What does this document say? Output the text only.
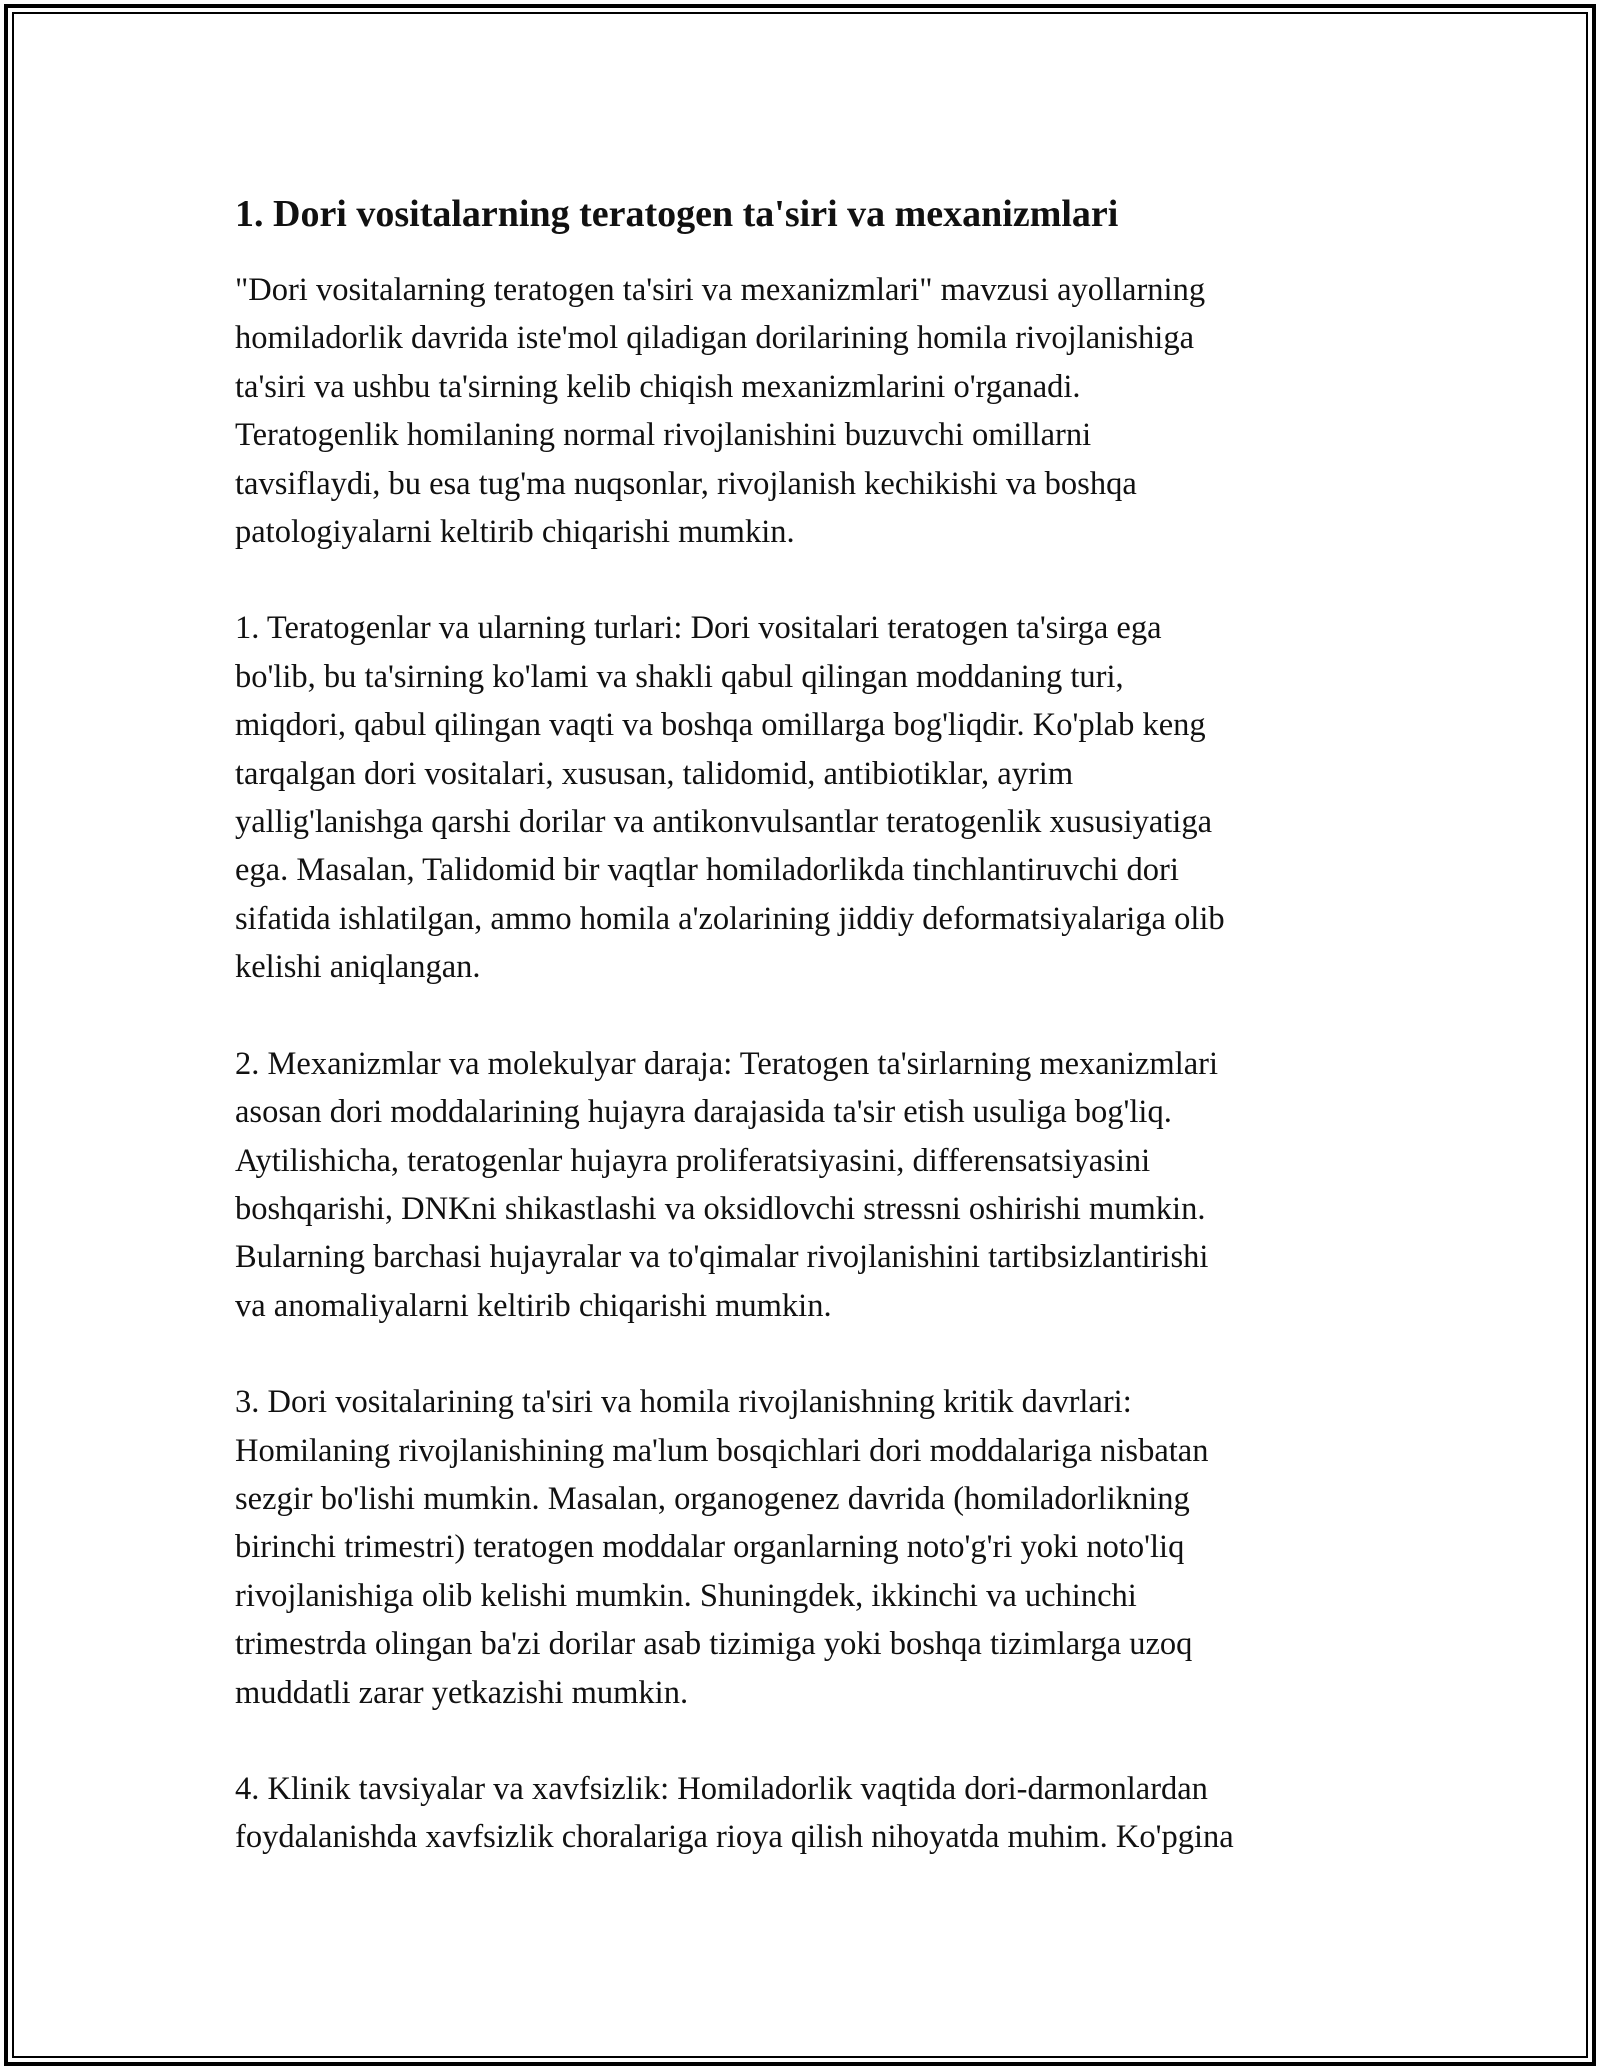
1. Dori vositalarning teratogen ta'siri va mexanizmlari
"Dori vositalarning teratogen ta'siri va mexanizmlari" mavzusi ayollarning
homiladorlik davrida iste'mol qiladigan dorilarining homila rivojlanishiga
ta'siri va ushbu ta'sirning kelib chiqish mexanizmlarini o'rganadi.
Teratogenlik homilaning normal rivojlanishini buzuvchi omillarni
tavsiflaydi, bu esa tug'ma nuqsonlar, rivojlanish kechikishi va boshqa
patologiyalarni keltirib chiqarishi mumkin.
1. Teratogenlar va ularning turlari: Dori vositalari teratogen ta'sirga ega
bo'lib, bu ta'sirning ko'lami va shakli qabul qilingan moddaning turi,
miqdori, qabul qilingan vaqti va boshqa omillarga bog'liqdir. Ko'plab keng
tarqalgan dori vositalari, xususan, talidomid, antibiotiklar, ayrim
yallig'lanishga qarshi dorilar va antikonvulsantlar teratogenlik xususiyatiga
ega. Masalan, Talidomid bir vaqtlar homiladorlikda tinchlantiruvchi dori
sifatida ishlatilgan, ammo homila a'zolarining jiddiy deformatsiyalariga olib
kelishi aniqlangan.
2. Mexanizmlar va molekulyar daraja: Teratogen ta'sirlarning mexanizmlari
asosan dori moddalarining hujayra darajasida ta'sir etish usuliga bog'liq.
Aytilishicha, teratogenlar hujayra proliferatsiyasini, differensatsiyasini
boshqarishi, DNKni shikastlashi va oksidlovchi stressni oshirishi mumkin.
Bularning barchasi hujayralar va to'qimalar rivojlanishini tartibsizlantirishi
va anomaliyalarni keltirib chiqarishi mumkin.
3. Dori vositalarining ta'siri va homila rivojlanishning kritik davrlari:
Homilaning rivojlanishining ma'lum bosqichlari dori moddalariga nisbatan
sezgir bo'lishi mumkin. Masalan, organogenez davrida (homiladorlikning
birinchi trimestri) teratogen moddalar organlarning noto'g'ri yoki noto'liq
rivojlanishiga olib kelishi mumkin. Shuningdek, ikkinchi va uchinchi
trimestrda olingan ba'zi dorilar asab tizimiga yoki boshqa tizimlarga uzoq
muddatli zarar yetkazishi mumkin.
4. Klinik tavsiyalar va xavfsizlik: Homiladorlik vaqtida dori-darmonlardan
foydalanishda xavfsizlik choralariga rioya qilish nihoyatda muhim. Ko'pgina
